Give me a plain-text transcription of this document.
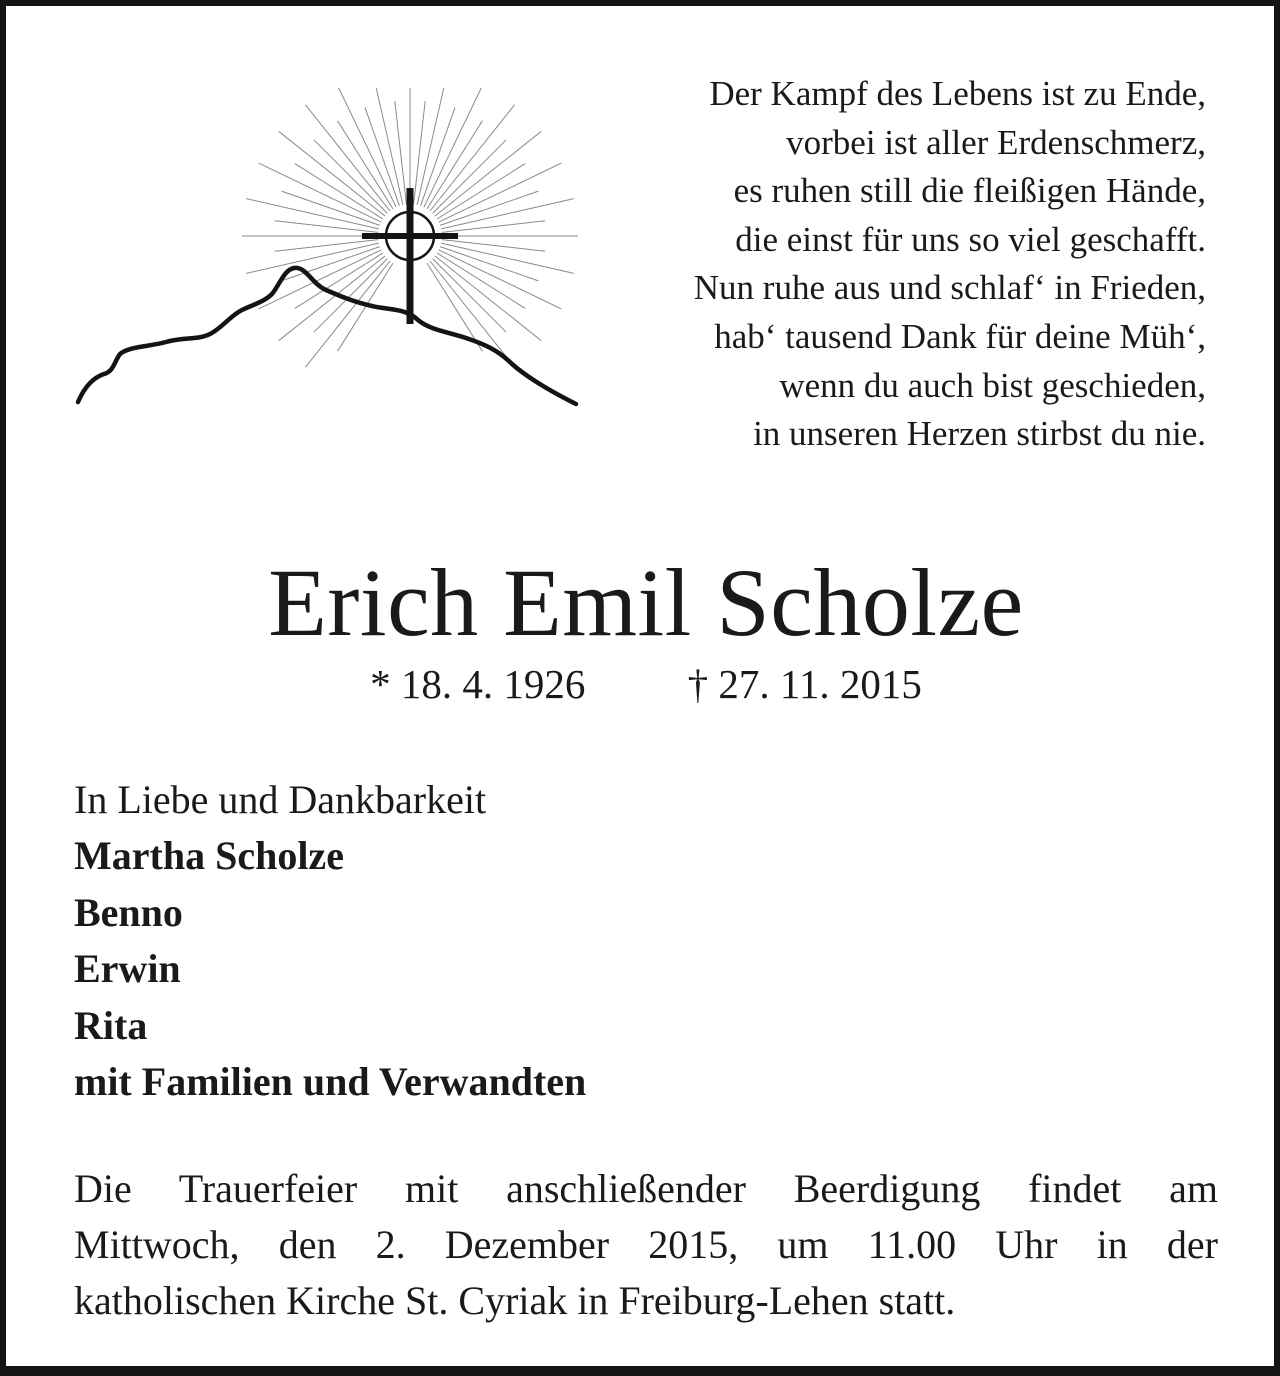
Der Kampf des Lebens ist zu Ende,
vorbei ist aller Erdenschmerz,
es ruhen still die fleißigen Hände,
die einst für uns so viel geschafft.
Nun ruhe aus und schlaf‘ in Frieden,
hab‘ tausend Dank für deine Müh‘,
wenn du auch bist geschieden,
in unseren Herzen stirbst du nie.
Erich Emil Scholze
* 18. 4. 1926 † 27. 11. 2015
In Liebe und Dankbarkeit
Martha Scholze
Benno
Erwin
Rita
mit Familien und Verwandten
Die Trauerfeier mit anschließender Beerdigung findet am
Mittwoch, den 2. Dezember 2015, um 11.00 Uhr in der
katholischen Kirche St. Cyriak in Freiburg-Lehen statt.
